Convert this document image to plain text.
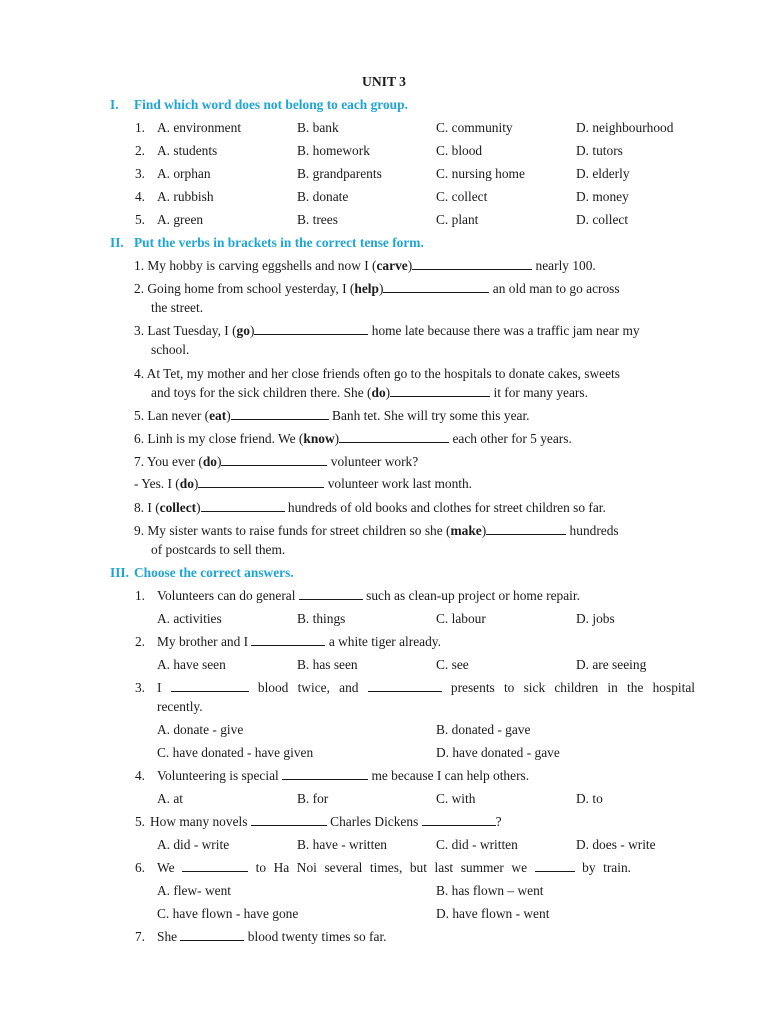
UNIT 3
I. Find which word does not belong to each group.
1. A. environment	B. bank	C. community	D. neighbourhood
2. A. students	B. homework	C. blood	D. tutors
3. A. orphan	B. grandparents	C. nursing home	D. elderly
4. A. rubbish	B. donate	C. collect	D. money
5. A. green	B. trees	C. plant	D. collect
II. Put the verbs in brackets in the correct tense form.
1. My hobby is carving eggshells and now I (carve)	nearly 100.
2. Going home from school yesterday, I (help)	an old man to go across
the street.
3. Last Tuesday, I (go)	home late because there was a traffic jam near my
school.
4. At Tet, my mother and her close friends often go to the hospitals to donate cakes, sweets
and toys for the sick children there. She (do)	it for many years.
5. Lan never (eat)	Banh tet. She will try some this year.
6. Linh is my close friend. We (know)	each other for 5 years.
7. You ever (do)	volunteer work?
- Yes. I (do)	volunteer work last month.
8. I (collect)	hundreds of old books and clothes for street children so far.
9. My sister wants to raise funds for street children so she (make)	hundreds
of postcards to sell them.
III. Choose the correct answers.
1. Volunteers can do general	such as clean-up project or home repair.
A. activities	B. things	C. labour	D. jobs
2. My brother and I	a white tiger already.
A. have seen	B. has seen	C. see	D. are seeing
3. I	blood twice, and	presents to sick children in the hospital
recently.
A. donate - give	B. donated - gave
C. have donated - have given	D. have donated - gave
4. Volunteering is special	me because I can help others.
A. at	B. for	C. with	D. to
5. How many novels	Charles Dickens	?
A. did - write	B. have - written	C. did - written	D. does - write
6. We	to Ha Noi several times, but last summer we	by train.
A. flew- went	B. has flown – went
C. have flown - have gone	D. have flown - went
7. She	blood twenty times so far.
